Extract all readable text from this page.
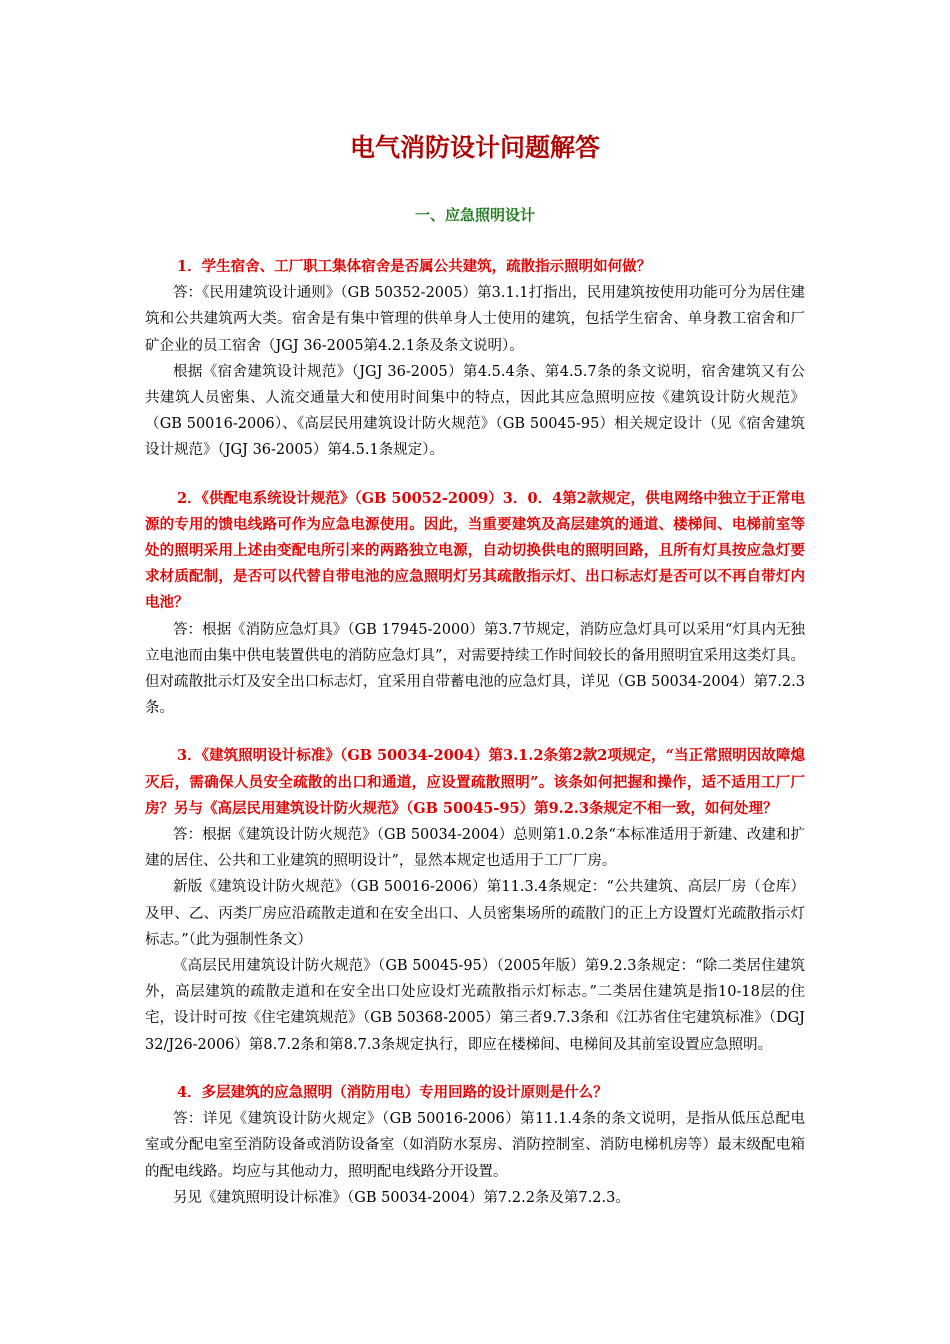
电气消防设计问题解答
一、应急照明设计

1．学生宿舍、工厂职工集体宿舍是否属公共建筑，疏散指示照明如何做？

答：《民用建筑设计通则》（GB 50352-2005）第3.1.1打指出，民用建筑按使用功能可分为居住建筑和公共建筑两大类。宿舍是有集中管理的供单身人士使用的建筑，包括学生宿舍、单身教工宿舍和厂矿企业的员工宿舍（JGJ 36-2005第4.2.1条及条文说明）。

根据《宿舍建筑设计规范》（JGJ 36-2005）第4.5.4条、第4.5.7条的条文说明，宿舍建筑又有公共建筑人员密集、人流交通量大和使用时间集中的特点，因此其应急照明应按《建筑设计防火规范》（GB 50016-2006）、《高层民用建筑设计防火规范》（GB 50045-95）相关规定设计（见《宿舍建筑设计规范》（JGJ 36-2005）第4.5.1条规定）。

2．《供配电系统设计规范》（GB 50052-2009）3．0．4第2款规定，供电网络中独立于正常电源的专用的馈电线路可作为应急电源使用。因此，当重要建筑及高层建筑的通道、楼梯间、电梯前室等处的照明采用上述由变配电所引来的两路独立电源，自动切换供电的照明回路，且所有灯具按应急灯要求材质配制，是否可以代替自带电池的应急照明灯另其疏散指示灯、出口标志灯是否可以不再自带灯内电池？

答：根据《消防应急灯具》（GB 17945-2000）第3.7节规定，消防应急灯具可以采用“灯具内无独立电池而由集中供电装置供电的消防应急灯具”，对需要持续工作时间较长的备用照明宜采用这类灯具。但对疏散批示灯及安全出口标志灯，宜采用自带蓄电池的应急灯具，详见（GB 50034-2004）第7.2.3条。

3．《建筑照明设计标准》（GB 50034-2004）第3.1.2条第2款2项规定，“当正常照明因故障熄灭后，需确保人员安全疏散的出口和通道，应设置疏散照明”。该条如何把握和操作，适不适用工厂厂房？另与《高层民用建筑设计防火规范》（GB 50045-95）第9.2.3条规定不相一致，如何处理？

答：根据《建筑设计防火规范》（GB 50034-2004）总则第1.0.2条“本标准适用于新建、改建和扩建的居住、公共和工业建筑的照明设计”，显然本规定也适用于工厂厂房。

新版《建筑设计防火规范》（GB 50016-2006）第11.3.4条规定：“公共建筑、高层厂房（仓库）及甲、乙、丙类厂房应沿疏散走道和在安全出口、人员密集场所的疏散门的正上方设置灯光疏散指示灯标志。”（此为强制性条文）

《高层民用建筑设计防火规范》（GB 50045-95）（2005年版）第9.2.3条规定：“除二类居住建筑外，高层建筑的疏散走道和在安全出口处应设灯光疏散指示灯标志。”二类居住建筑是指10-18层的住宅，设计时可按《住宅建筑规范》（GB 50368-2005）第三者9.7.3条和《江苏省住宅建筑标准》（DGJ 32/J26-2006）第8.7.2条和第8.7.3条规定执行，即应在楼梯间、电梯间及其前室设置应急照明。

4．多层建筑的应急照明（消防用电）专用回路的设计原则是什么？

答：详见《建筑设计防火规定》（GB 50016-2006）第11.1.4条的条文说明，是指从低压总配电室或分配电室至消防设备或消防设备室（如消防水泵房、消防控制室、消防电梯机房等）最末级配电箱的配电线路。均应与其他动力，照明配电线路分开设置。

另见《建筑照明设计标准》（GB 50034-2004）第7.2.2条及第7.2.3。
